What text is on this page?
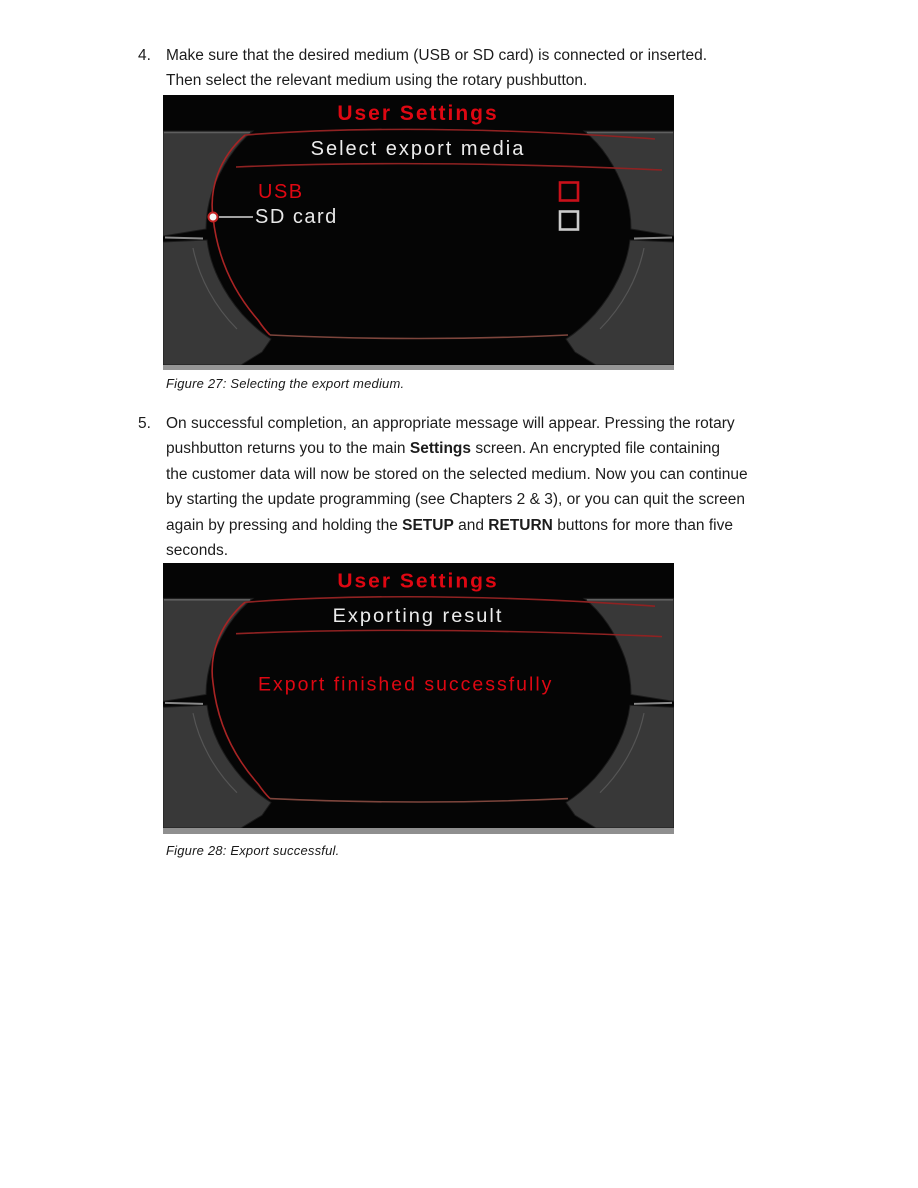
4. Make sure that the desired medium (USB or SD card) is connected or inserted.
Then select the relevant medium using the rotary pushbutton.
User Settings
Select export media
USB
SD card
Figure 27: Selecting the export medium.
5. On successful completion, an appropriate message will appear. Pressing the rotary
pushbutton returns you to the main Settings screen. An encrypted file containing
the customer data will now be stored on the selected medium. Now you can continue
by starting the update programming (see Chapters 2 & 3), or you can quit the screen
again by pressing and holding the SETUP and RETURN buttons for more than five
seconds.
User Settings
Exporting result
Export finished successfully
Figure 28: Export successful.
